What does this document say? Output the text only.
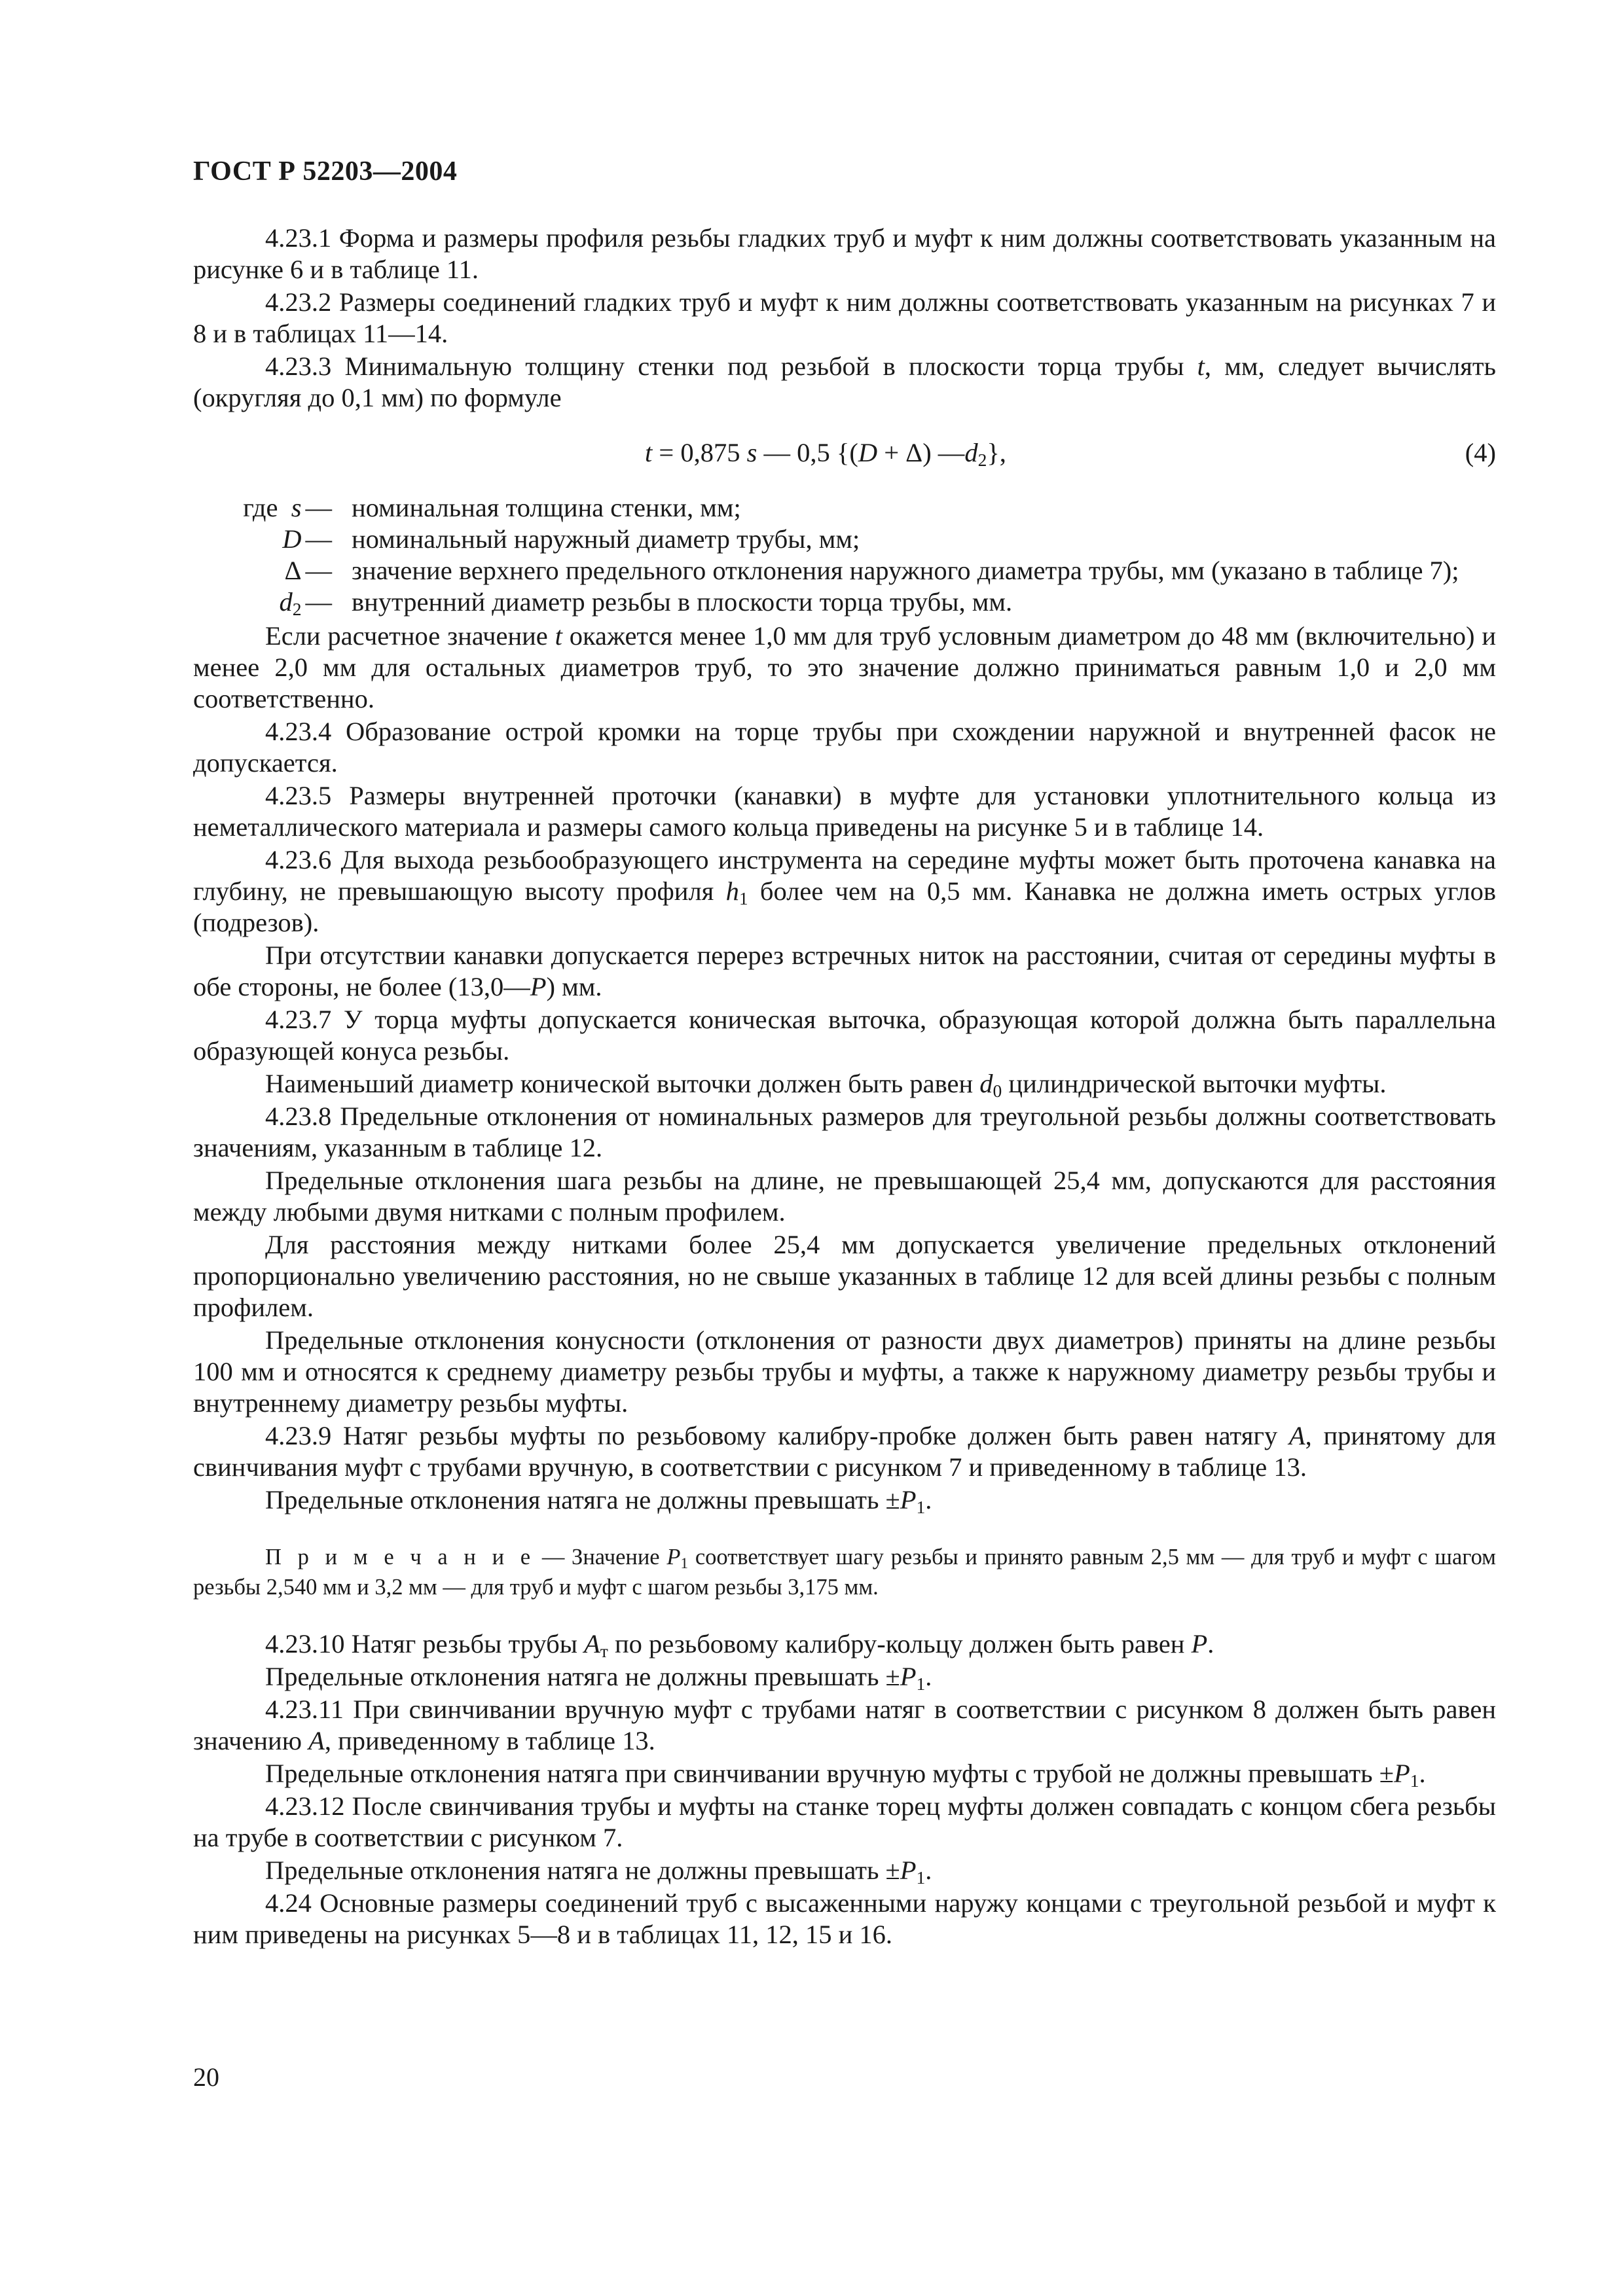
ГОСТ Р 52203—2004

4.23.1 Форма и размеры профиля резьбы гладких труб и муфт к ним должны соответствовать указанным на рисунке 6 и в таблице 11.

4.23.2 Размеры соединений гладких труб и муфт к ним должны соответствовать указанным на рисунках 7 и 8 и в таблицах 11—14.

4.23.3 Минимальную толщину стенки под резьбой в плоскости торца трубы t, мм, следует вычислять (округляя до 0,1 мм) по формуле

t = 0,875 s — 0,5 {(D + Δ) $—d_2$},	(4)
где s — номинальная толщина стенки, мм;
D — номинальный наружный диаметр трубы, мм;
Δ — значение верхнего предельного отклонения наружного диаметра трубы, мм (указано в таблице 7);
$d_2$ — внутренний диаметр резьбы в плоскости торца трубы, мм.

Если расчетное значение t окажется менее 1,0 мм для труб условным диаметром до 48 мм (включительно) и менее 2,0 мм для остальных диаметров труб, то это значение должно приниматься равным 1,0 и 2,0 мм соответственно.

4.23.4 Образование острой кромки на торце трубы при схождении наружной и внутренней фасок не допускается.

4.23.5 Размеры внутренней проточки (канавки) в муфте для установки уплотнительного кольца из неметаллического материала и размеры самого кольца приведены на рисунке 5 и в таблице 14.

4.23.6 Для выхода резьбообразующего инструмента на середине муфты может быть проточена канавка на глубину, не превышающую высоту профиля $h_1$ более чем на 0,5 мм. Канавка не должна иметь острых углов (подрезов).

При отсутствии канавки допускается перерез встречных ниток на расстоянии, считая от середины муфты в обе стороны, не более (13,0—P) мм.

4.23.7 У торца муфты допускается коническая выточка, образующая которой должна быть параллельна образующей конуса резьбы.

Наименьший диаметр конической выточки должен быть равен $d_0$ цилиндрической выточки муфты.

4.23.8 Предельные отклонения от номинальных размеров для треугольной резьбы должны соответствовать значениям, указанным в таблице 12.

Предельные отклонения шага резьбы на длине, не превышающей 25,4 мм, допускаются для расстояния между любыми двумя нитками с полным профилем.

Для расстояния между нитками более 25,4 мм допускается увеличение предельных отклонений пропорционально увеличению расстояния, но не свыше указанных в таблице 12 для всей длины резьбы с полным профилем.

Предельные отклонения конусности (отклонения от разности двух диаметров) приняты на длине резьбы 100 мм и относятся к среднему диаметру резьбы трубы и муфты, а также к наружному диаметру резьбы трубы и внутреннему диаметру резьбы муфты.

4.23.9 Натяг резьбы муфты по резьбовому калибру-пробке должен быть равен натягу A, принятому для свинчивания муфт с трубами вручную, в соответствии с рисунком 7 и приведенному в таблице 13.

Предельные отклонения натяга не должны превышать $\pm P_1$.

П р и м е ч а н и е — Значение $P_1$ соответствует шагу резьбы и принято равным 2,5 мм — для труб и муфт с шагом резьбы 2,540 мм и 3,2 мм — для труб и муфт с шагом резьбы 3,175 мм.

4.23.10 Натяг резьбы трубы $A_т$ по резьбовому калибру-кольцу должен быть равен P.

Предельные отклонения натяга не должны превышать $\pm P_1$.

4.23.11 При свинчивании вручную муфт с трубами натяг в соответствии с рисунком 8 должен быть равен значению A, приведенному в таблице 13.

Предельные отклонения натяга при свинчивании вручную муфты с трубой не должны превышать $\pm P_1$.

4.23.12 После свинчивания трубы и муфты на станке торец муфты должен совпадать с концом сбега резьбы на трубе в соответствии с рисунком 7.

Предельные отклонения натяга не должны превышать $\pm P_1$.

4.24 Основные размеры соединений труб с высаженными наружу концами с треугольной резьбой и муфт к ним приведены на рисунках 5—8 и в таблицах 11, 12, 15 и 16.

20
